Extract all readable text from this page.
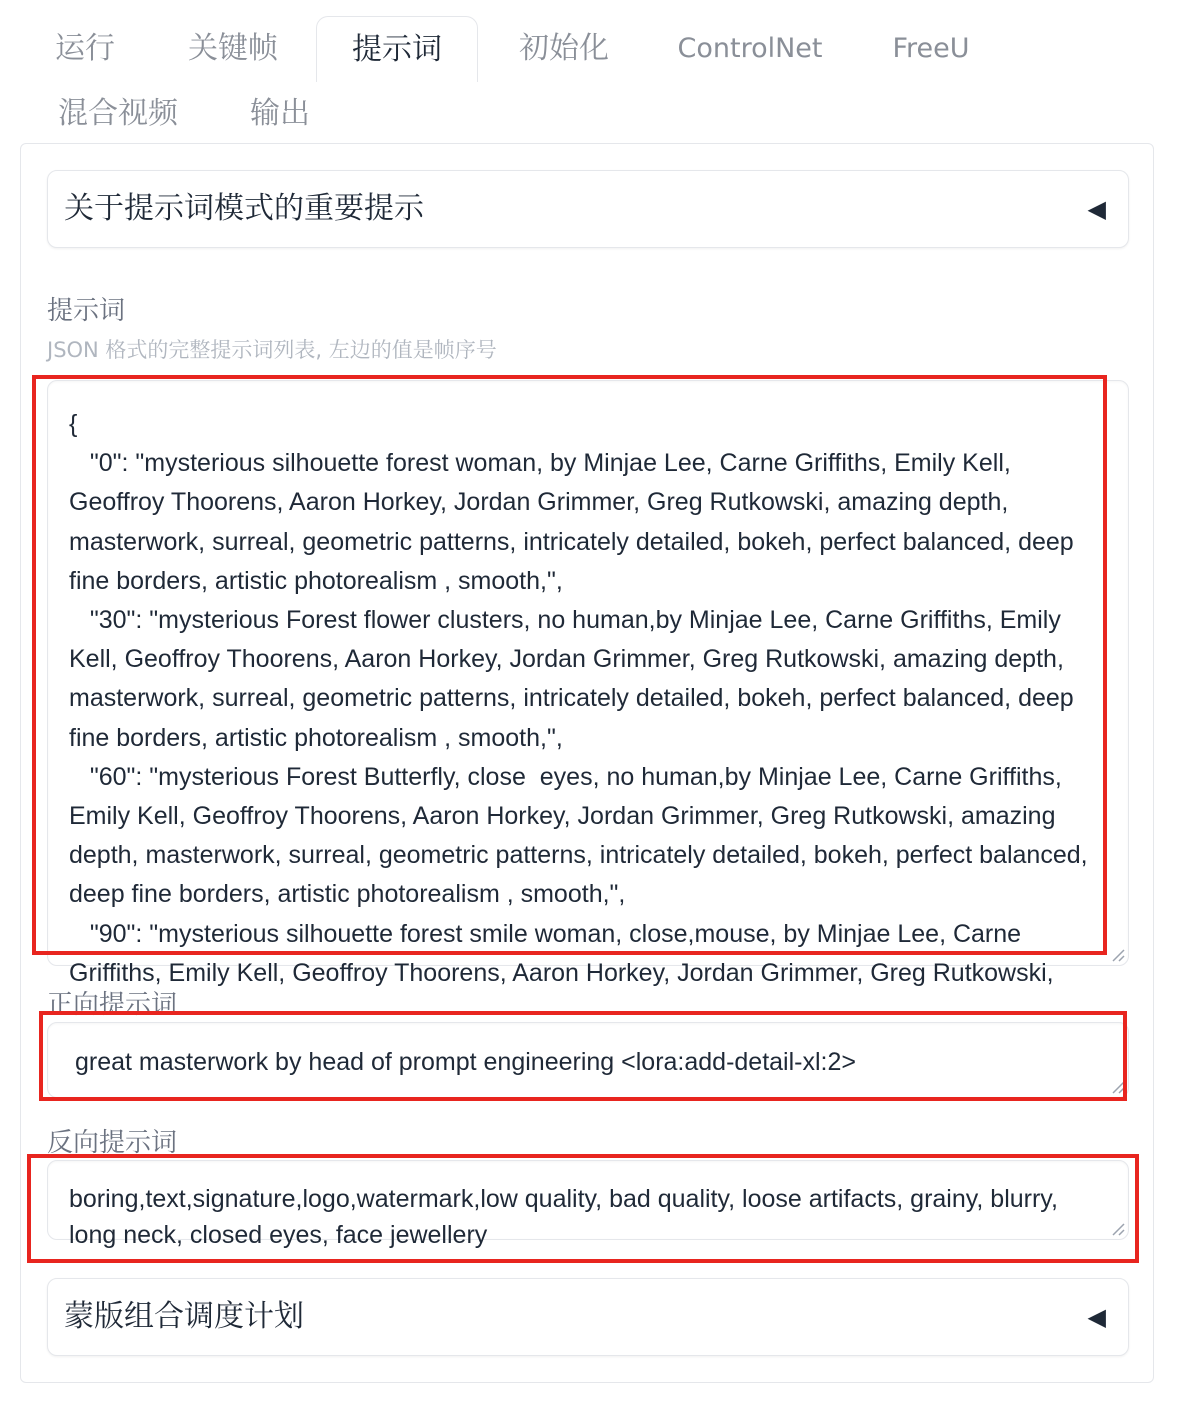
运行	关键帧	提示词	初始化	ControlNet	FreeU
混合视频	输出
关于提示词模式的重要提示	◀
提示词
JSON 格式的完整提示词列表, 左边的值是帧序号
{
"0": "mysterious silhouette forest woman, by Minjae Lee, Carne Griffiths, Emily Kell, Geoffroy Thoorens, Aaron Horkey, Jordan Grimmer, Greg Rutkowski, amazing depth, masterwork, surreal, geometric patterns, intricately detailed, bokeh, perfect balanced, deep fine borders, artistic photorealism , smooth,",
"30": "mysterious Forest flower clusters, no human,by Minjae Lee, Carne Griffiths, Emily Kell, Geoffroy Thoorens, Aaron Horkey, Jordan Grimmer, Greg Rutkowski, amazing depth, masterwork, surreal, geometric patterns, intricately detailed, bokeh, perfect balanced, deep fine borders, artistic photorealism , smooth,",
"60": "mysterious Forest Butterfly, close  eyes, no human,by Minjae Lee, Carne Griffiths, Emily Kell, Geoffroy Thoorens, Aaron Horkey, Jordan Grimmer, Greg Rutkowski, amazing depth, masterwork, surreal, geometric patterns, intricately detailed, bokeh, perfect balanced, deep fine borders, artistic photorealism , smooth,",
"90": "mysterious silhouette forest smile woman, close,mouse, by Minjae Lee, Carne Griffiths, Emily Kell, Geoffroy Thoorens, Aaron Horkey, Jordan Grimmer, Greg Rutkowski,
正向提示词
great masterwork by head of prompt engineering <lora:add-detail-xl:2>
反向提示词
boring,text,signature,logo,watermark,low quality, bad quality, loose artifacts, grainy, blurry, long neck, closed eyes, face jewellery
蒙版组合调度计划	◀
